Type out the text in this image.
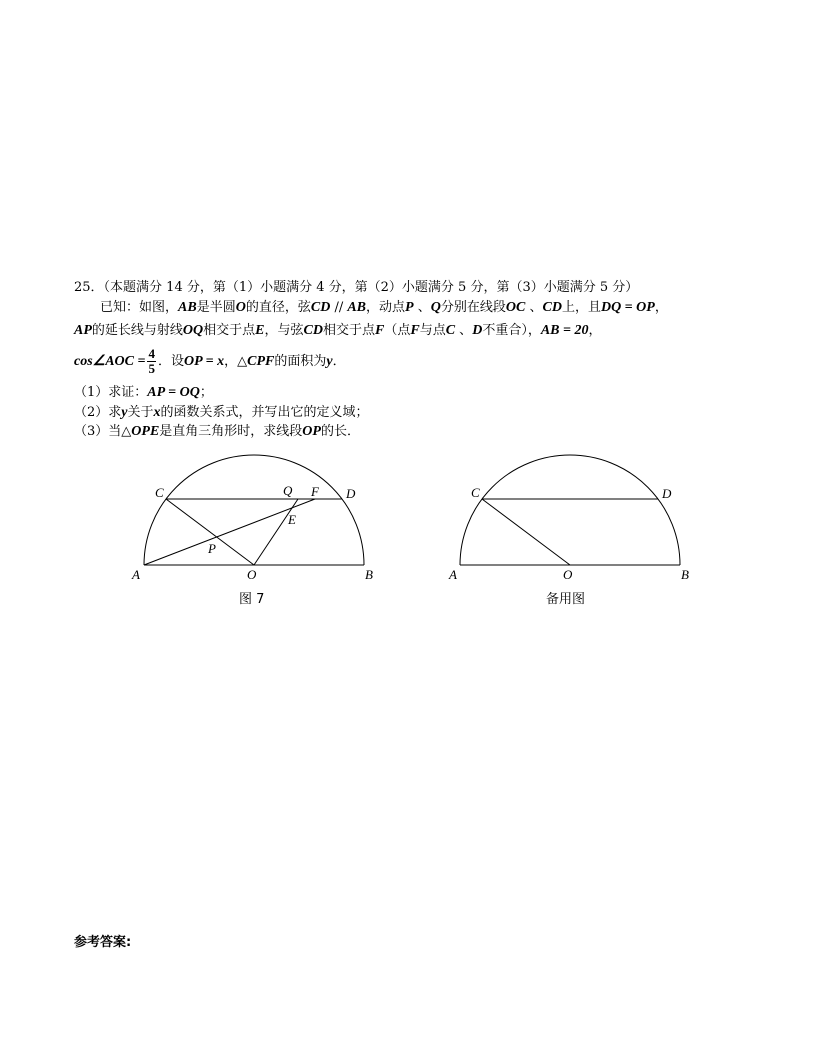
25．（本题满分 14 分，第（1）小题满分 4 分，第（2）小题满分 5 分，第（3）小题满分 5 分）
已知：如图，AB是半圆O的直径，弦CD // AB，动点P 、Q分别在线段OC 、CD上，且DQ = OP，
AP的延长线与射线OQ相交于点E，与弦CD相交于点F（点F与点C 、D不重合），AB = 20，
cos∠AOC = $\frac{4}{5}$ ．设OP = x，△CPF的面积为y．
（1）求证：AP = OQ；
（2）求y关于x的函数关系式，并写出它的定义域；
（3）当△OPE是直角三角形时，求线段OP的长．
A	O	B
C	D
Q F
E
P
A	O	B
C	D
图 7	备用图
参考答案:
